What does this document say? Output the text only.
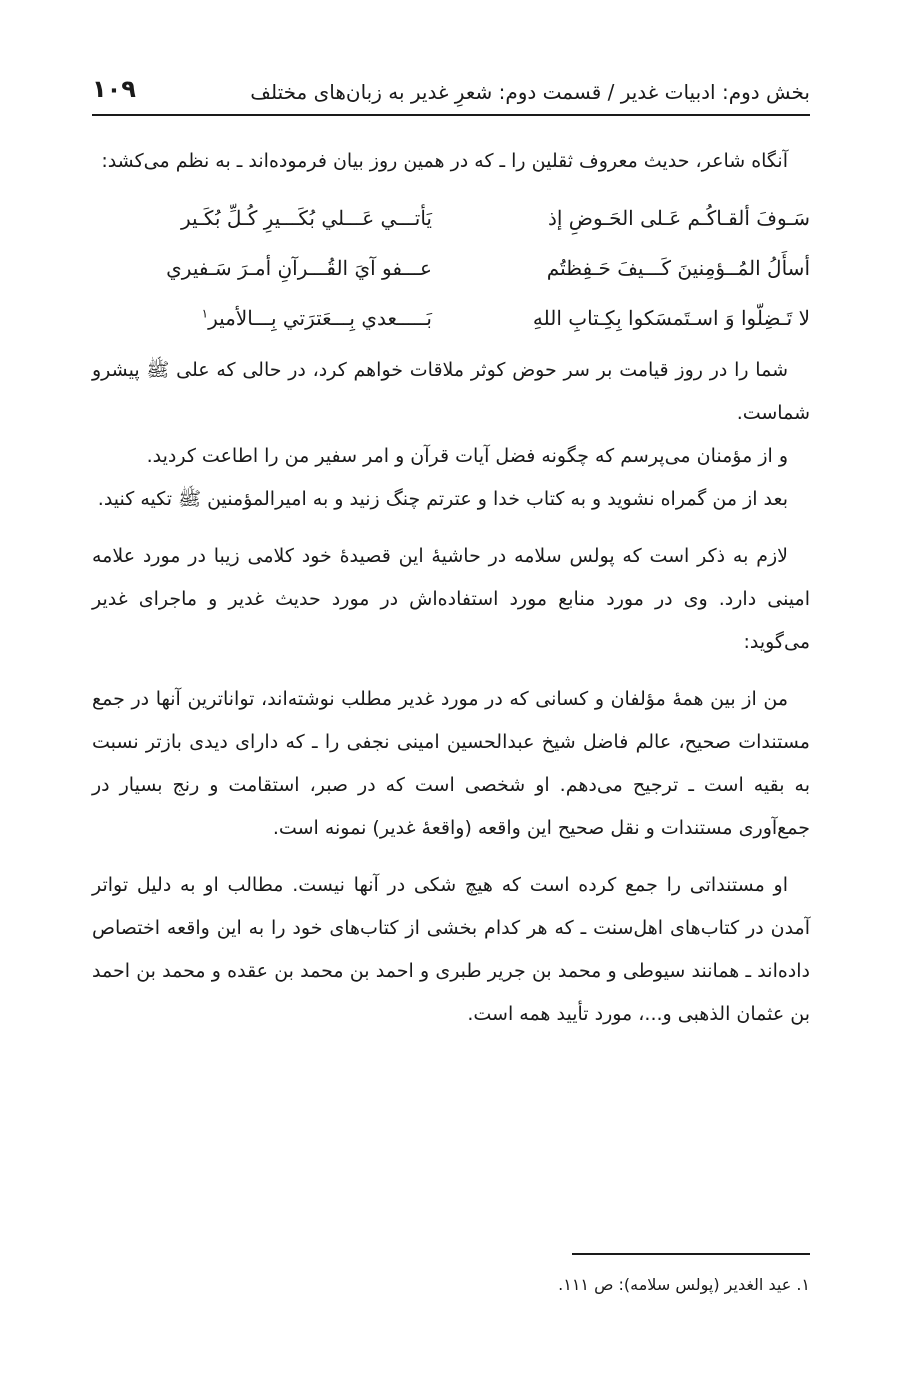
بخش دوم: ادبیات غدیر / قسمت دوم: شعرِ غدیر به زبان‌های مختلف
۱۰۹

آنگاه شاعر، حدیث معروف ثقلین را ـ که در همین روز بیان فرموده‌اند ـ به نظم می‌کشد:

سَـوفَ ألقـاكُـم عَـلى الحَـوضِ إذ
يَأتـــي عَـــلي بُكَـــيرِ كُـلِّ بُكَـير
أسأَلُ المُــؤمِنينَ كَـــيفَ حَـفِظتُم
عـــفو آيَ القُـــرآنِ أمـرَ سَـفيري
لا تَـضِلّوا وَ اسـتَمسَكوا بِكِـتابِ اللهِ
بَـــــعدي بِـــعَترَتي بِـــالأمير$^۱$

شما را در روز قیامت بر سر حوض کوثر ملاقات خواهم کرد، در حالی که علی ﷺ پیشرو شماست.

و از مؤمنان می‌پرسم که چگونه فضل آیات قرآن و امر سفیر من را اطاعت کردید.

بعد از من گمراه نشوید و به کتاب خدا و عترتم چنگ زنید و به امیرالمؤمنین ﷺ تکیه کنید.

لازم به ذکر است که پولس سلامه در حاشیهٔ این قصیدهٔ خود کلامی زیبا در مورد علامه امینی دارد. وی در مورد منابع مورد استفاده‌اش در مورد حدیث غدیر و ماجرای غدیر می‌گوید:

من از بین همهٔ مؤلفان و کسانی که در مورد غدیر مطلب نوشته‌اند، تواناترین آنها در جمع مستندات صحیح، عالم فاضل شیخ عبدالحسین امینی نجفی را ـ که دارای دیدی بازتر نسبت به بقیه است ـ ترجیح می‌دهم. او شخصی است که در صبر، استقامت و رنج بسیار در جمع‌آوری مستندات و نقل صحیح این واقعه (واقعهٔ غدیر) نمونه است.

او مستنداتی را جمع کرده است که هیچ شکی در آنها نیست. مطالب او به دلیل تواتر آمدن در کتاب‌های اهل‌سنت ـ که هر کدام بخشی از کتاب‌های خود را به این واقعه اختصاص داده‌اند ـ همانند سیوطی و محمد بن جریر طبری و احمد بن محمد بن عقده و محمد بن احمد بن عثمان الذهبی و...، مورد تأیید همه است.

۱. عید الغدیر (پولس سلامه): ص ۱۱۱.
